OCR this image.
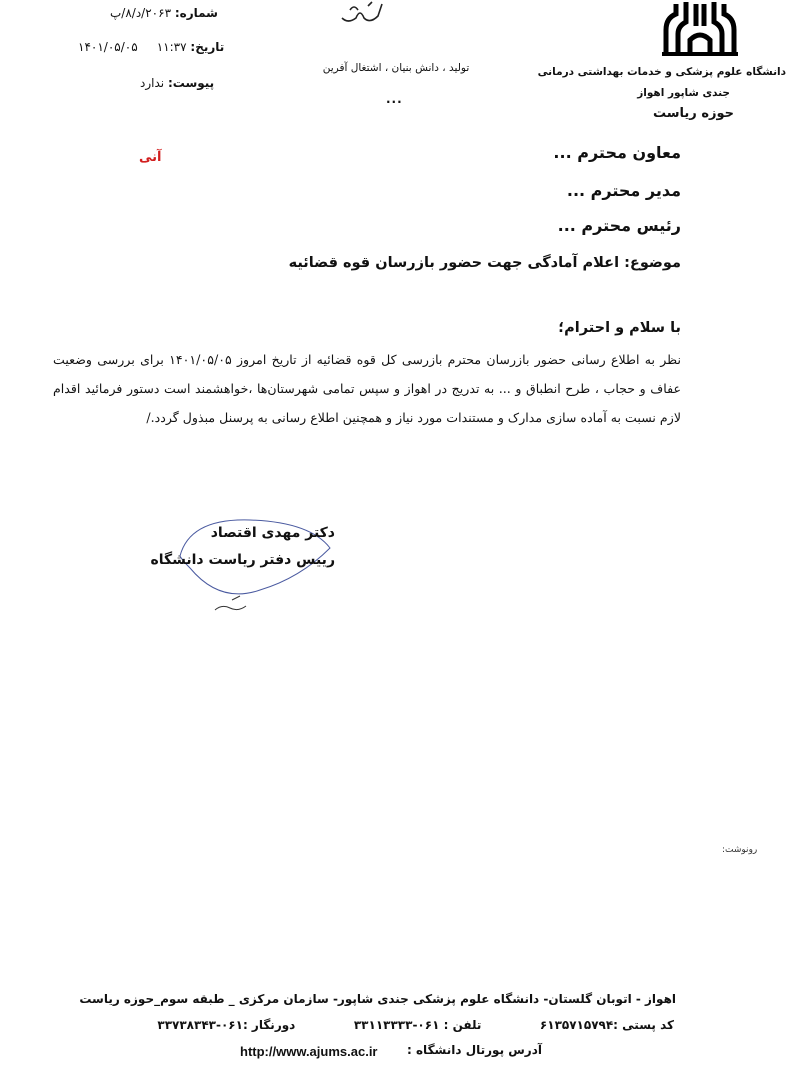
دانشگاه علوم پزشکی و خدمات بهداشتی درمانی
جندی شاپور اهواز
حوزه ریاست
تولید ، دانش بنیان ، اشتغال آفرین
...
شماره: ۲۰۶۳/د/۸/پ
تاریخ: ۱۱:۳۷     ۱۴۰۱/۰۵/۰۵
پیوست: ندارد
آنی	معاون محترم ...
مدیر محترم ...
رئیس محترم ...
موضوع: اعلام آمادگی جهت حضور بازرسان قوه قضائیه
با سلام و احترام؛
نظر به اطلاع رسانی حضور بازرسان محترم بازرسی کل قوه قضائیه از تاریخ امروز ۱۴۰۱/۰۵/۰۵ برای بررسی وضعیت عفاف و حجاب ، طرح انطباق و ... به تدریج در اهواز و سپس تمامی شهرستان‌ها ،خواهشمند است دستور فرمائید اقدام لازم نسبت به آماده سازی مدارک و مستندات مورد نیاز و همچنین اطلاع رسانی به پرسنل مبذول گردد./
دکتر مهدی اقتصاد
رییس دفتر ریاست دانشگاه
رونوشت:
اهواز - اتوبان گلستان- دانشگاه علوم پزشکی جندی شاپور- سازمان مرکزی _ طبقه سوم_حوزه ریاست
کد پستی :۶۱۳۵۷۱۵۷۹۴              تلفن : ۰۶۱-۳۳۱۱۳۳۳۳              دورنگار :۰۶۱-۳۳۷۳۸۳۴۳
آدرس پورتال دانشگاه :
http://www.ajums.ac.ir
